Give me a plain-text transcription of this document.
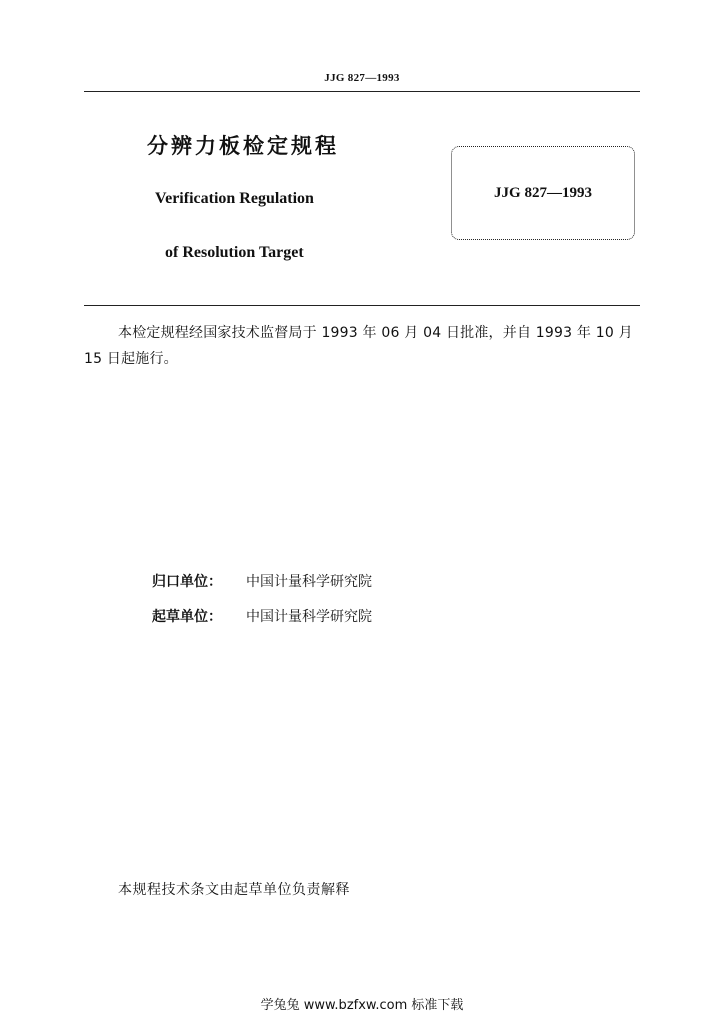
JJG 827—1993
分辨力板检定规程
Verification Regulation
of Resolution Target
JJG 827—1993
本检定规程经国家技术监督局于 1993 年 06 月 04 日批准，并自 1993 年 10 月 15 日起施行。
归口单位： 中国计量科学研究院
起草单位： 中国计量科学研究院
本规程技术条文由起草单位负责解释
学兔兔 www.bzfxw.com 标准下载
